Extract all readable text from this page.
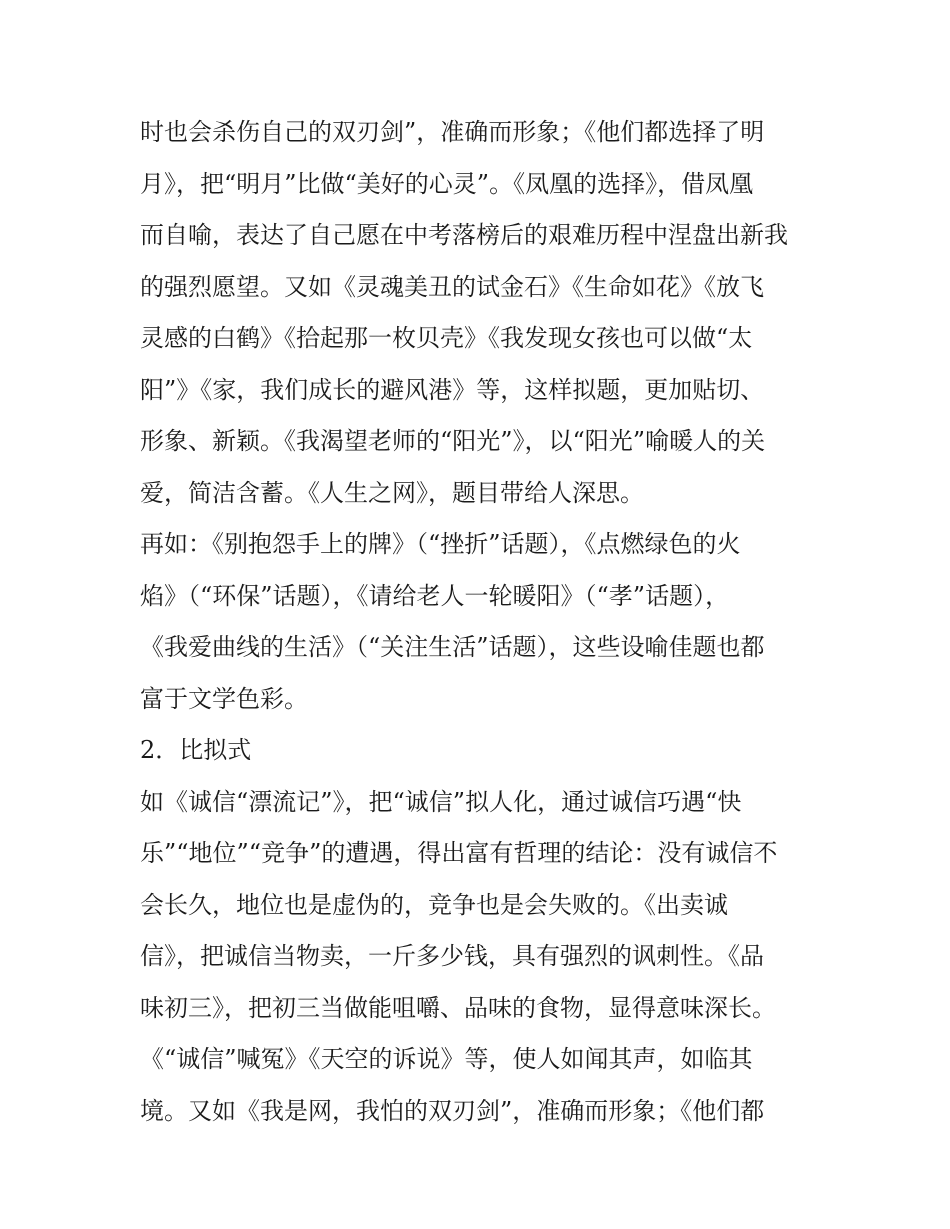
时也会杀伤自己的双刃剑”，准确而形象；《他们都选择了明
月》，把“明月”比做“美好的心灵”。《凤凰的选择》，借凤凰
而自喻，表达了自己愿在中考落榜后的艰难历程中涅盘出新我
的强烈愿望。又如《灵魂美丑的试金石》《生命如花》《放飞
灵感的白鹤》《拾起那一枚贝壳》《我发现女孩也可以做“太
阳”》《家，我们成长的避风港》等，这样拟题，更加贴切、
形象、新颖。《我渴望老师的“阳光”》，以“阳光”喻暖人的关
爱，简洁含蓄。《人生之网》，题目带给人深思。
再如：《别抱怨手上的牌》（“挫折”话题），《点燃绿色的火
焰》（“环保”话题），《请给老人一轮暖阳》（“孝”话题），
《我爱曲线的生活》（“关注生活”话题），这些设喻佳题也都
富于文学色彩。
2．比拟式
如《诚信“漂流记”》，把“诚信”拟人化，通过诚信巧遇“快
乐”“地位”“竞争”的遭遇，得出富有哲理的结论：没有诚信不
会长久，地位也是虚伪的，竞争也是会失败的。《出卖诚
信》，把诚信当物卖，一斤多少钱，具有强烈的讽刺性。《品
味初三》，把初三当做能咀嚼、品味的食物，显得意味深长。
《“诚信”喊冤》《天空的诉说》等，使人如闻其声，如临其
境。又如《我是网，我怕的双刃剑”，准确而形象；《他们都
